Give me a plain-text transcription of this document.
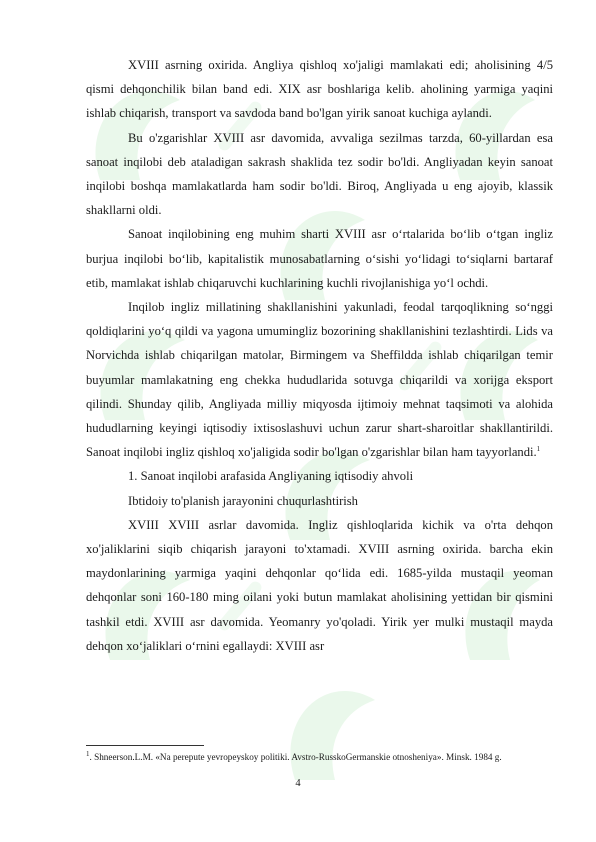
XVIII asrning oxirida. Angliya qishloq xo'jaligi mamlakati edi; aholisining 4/5 qismi dehqonchilik bilan band edi. XIX asr boshlariga kelib. aholining yarmiga yaqini ishlab chiqarish, transport va savdoda band bo'lgan yirik sanoat kuchiga aylandi.

Bu o'zgarishlar XVIII asr davomida, avvaliga sezilmas tarzda, 60-yillardan esa sanoat inqilobi deb ataladigan sakrash shaklida tez sodir bo'ldi. Angliyadan keyin sanoat inqilobi boshqa mamlakatlarda ham sodir bo'ldi. Biroq, Angliyada u eng ajoyib, klassik shakllarni oldi.

Sanoat inqilobining eng muhim sharti XVIII asr o‘rtalarida bo‘lib o‘tgan ingliz burjua inqilobi bo‘lib, kapitalistik munosabatlarning o‘sishi yo‘lidagi to‘siqlarni bartaraf etib, mamlakat ishlab chiqaruvchi kuchlarining kuchli rivojlanishiga yo‘l ochdi.

Inqilob ingliz millatining shakllanishini yakunladi, feodal tarqoqlikning so‘nggi qoldiqlarini yo‘q qildi va yagona umumingliz bozorining shakllanishini tezlashtirdi. Lids va Norvichda ishlab chiqarilgan matolar, Birmingem va Sheffildda ishlab chiqarilgan temir buyumlar mamlakatning eng chekka hududlarida sotuvga chiqarildi va xorijga eksport qilindi. Shunday qilib, Angliyada milliy miqyosda ijtimoiy mehnat taqsimoti va alohida hududlarning keyingi iqtisodiy ixtisoslashuvi uchun zarur shart-sharoitlar shakllantirildi. Sanoat inqilobi ingliz qishloq xo'jaligida sodir bo'lgan o'zgarishlar bilan ham tayyorlandi.$^1$

1. Sanoat inqilobi arafasida Angliyaning iqtisodiy ahvoli

Ibtidoiy to'planish jarayonini chuqurlashtirish

XVIII XVIII asrlar davomida. Ingliz qishloqlarida kichik va o'rta dehqon xo'jaliklarini siqib chiqarish jarayoni to'xtamadi. XVIII asrning oxirida. barcha ekin maydonlarining yarmiga yaqini dehqonlar qo‘lida edi. 1685-yilda mustaqil yeoman dehqonlar soni 160-180 ming oilani yoki butun mamlakat aholisining yettidan bir qismini tashkil etdi. XVIII asr davomida. Yeomanry yo'qoladi. Yirik yer mulki mustaqil mayda dehqon xo‘jaliklari o‘rnini egallaydi: XVIII asr

$^1$. Shneerson.L.M. «Na perepute yevropeyskoy politiki. Avstro-RusskoGermanskie otnosheniya». Minsk. 1984 g.
4
